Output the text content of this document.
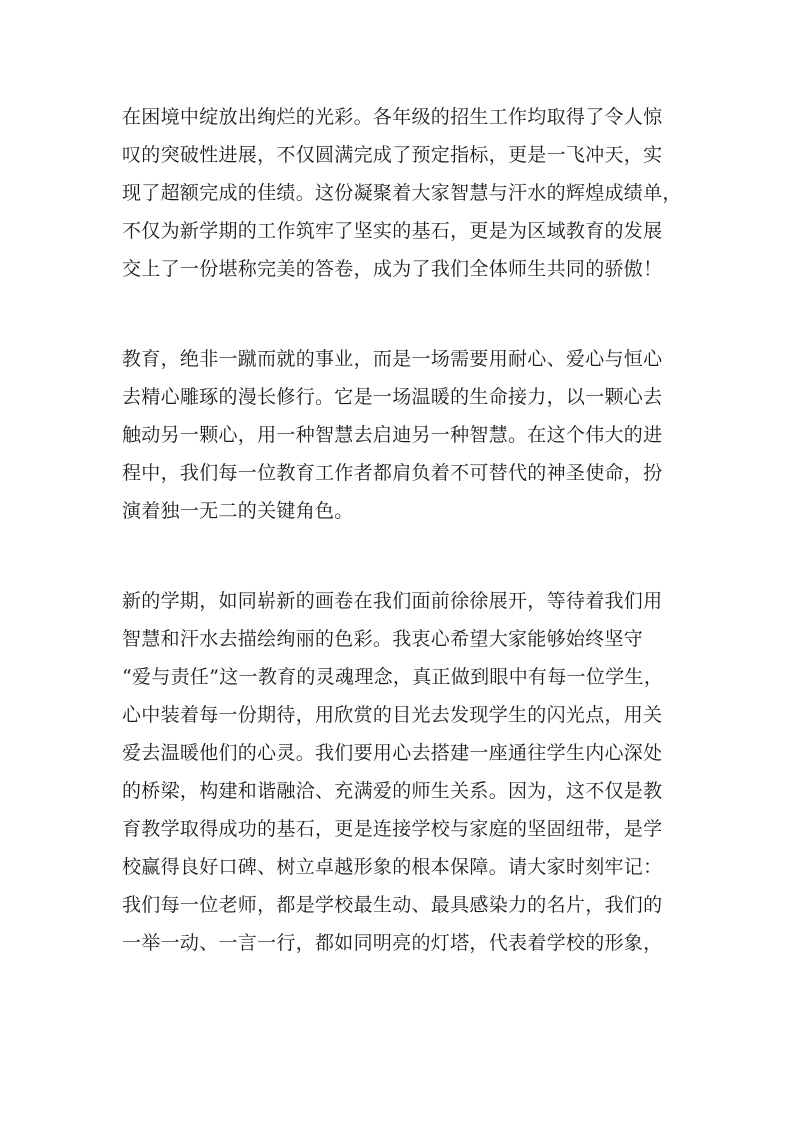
在困境中绽放出绚烂的光彩。各年级的招生工作均取得了令人惊
叹的突破性进展，不仅圆满完成了预定指标，更是一飞冲天，实
现了超额完成的佳绩。这份凝聚着大家智慧与汗水的辉煌成绩单，
不仅为新学期的工作筑牢了坚实的基石，更是为区域教育的发展
交上了一份堪称完美的答卷，成为了我们全体师生共同的骄傲！
教育，绝非一蹴而就的事业，而是一场需要用耐心、爱心与恒心
去精心雕琢的漫长修行。它是一场温暖的生命接力，以一颗心去
触动另一颗心，用一种智慧去启迪另一种智慧。在这个伟大的进
程中，我们每一位教育工作者都肩负着不可替代的神圣使命，扮
演着独一无二的关键角色。
新的学期，如同崭新的画卷在我们面前徐徐展开，等待着我们用
智慧和汗水去描绘绚丽的色彩。我衷心希望大家能够始终坚守
“爱与责任”这一教育的灵魂理念，真正做到眼中有每一位学生，
心中装着每一份期待，用欣赏的目光去发现学生的闪光点，用关
爱去温暖他们的心灵。我们要用心去搭建一座通往学生内心深处
的桥梁，构建和谐融洽、充满爱的师生关系。因为，这不仅是教
育教学取得成功的基石，更是连接学校与家庭的坚固纽带，是学
校赢得良好口碑、树立卓越形象的根本保障。请大家时刻牢记：
我们每一位老师，都是学校最生动、最具感染力的名片，我们的
一举一动、一言一行，都如同明亮的灯塔，代表着学校的形象，
